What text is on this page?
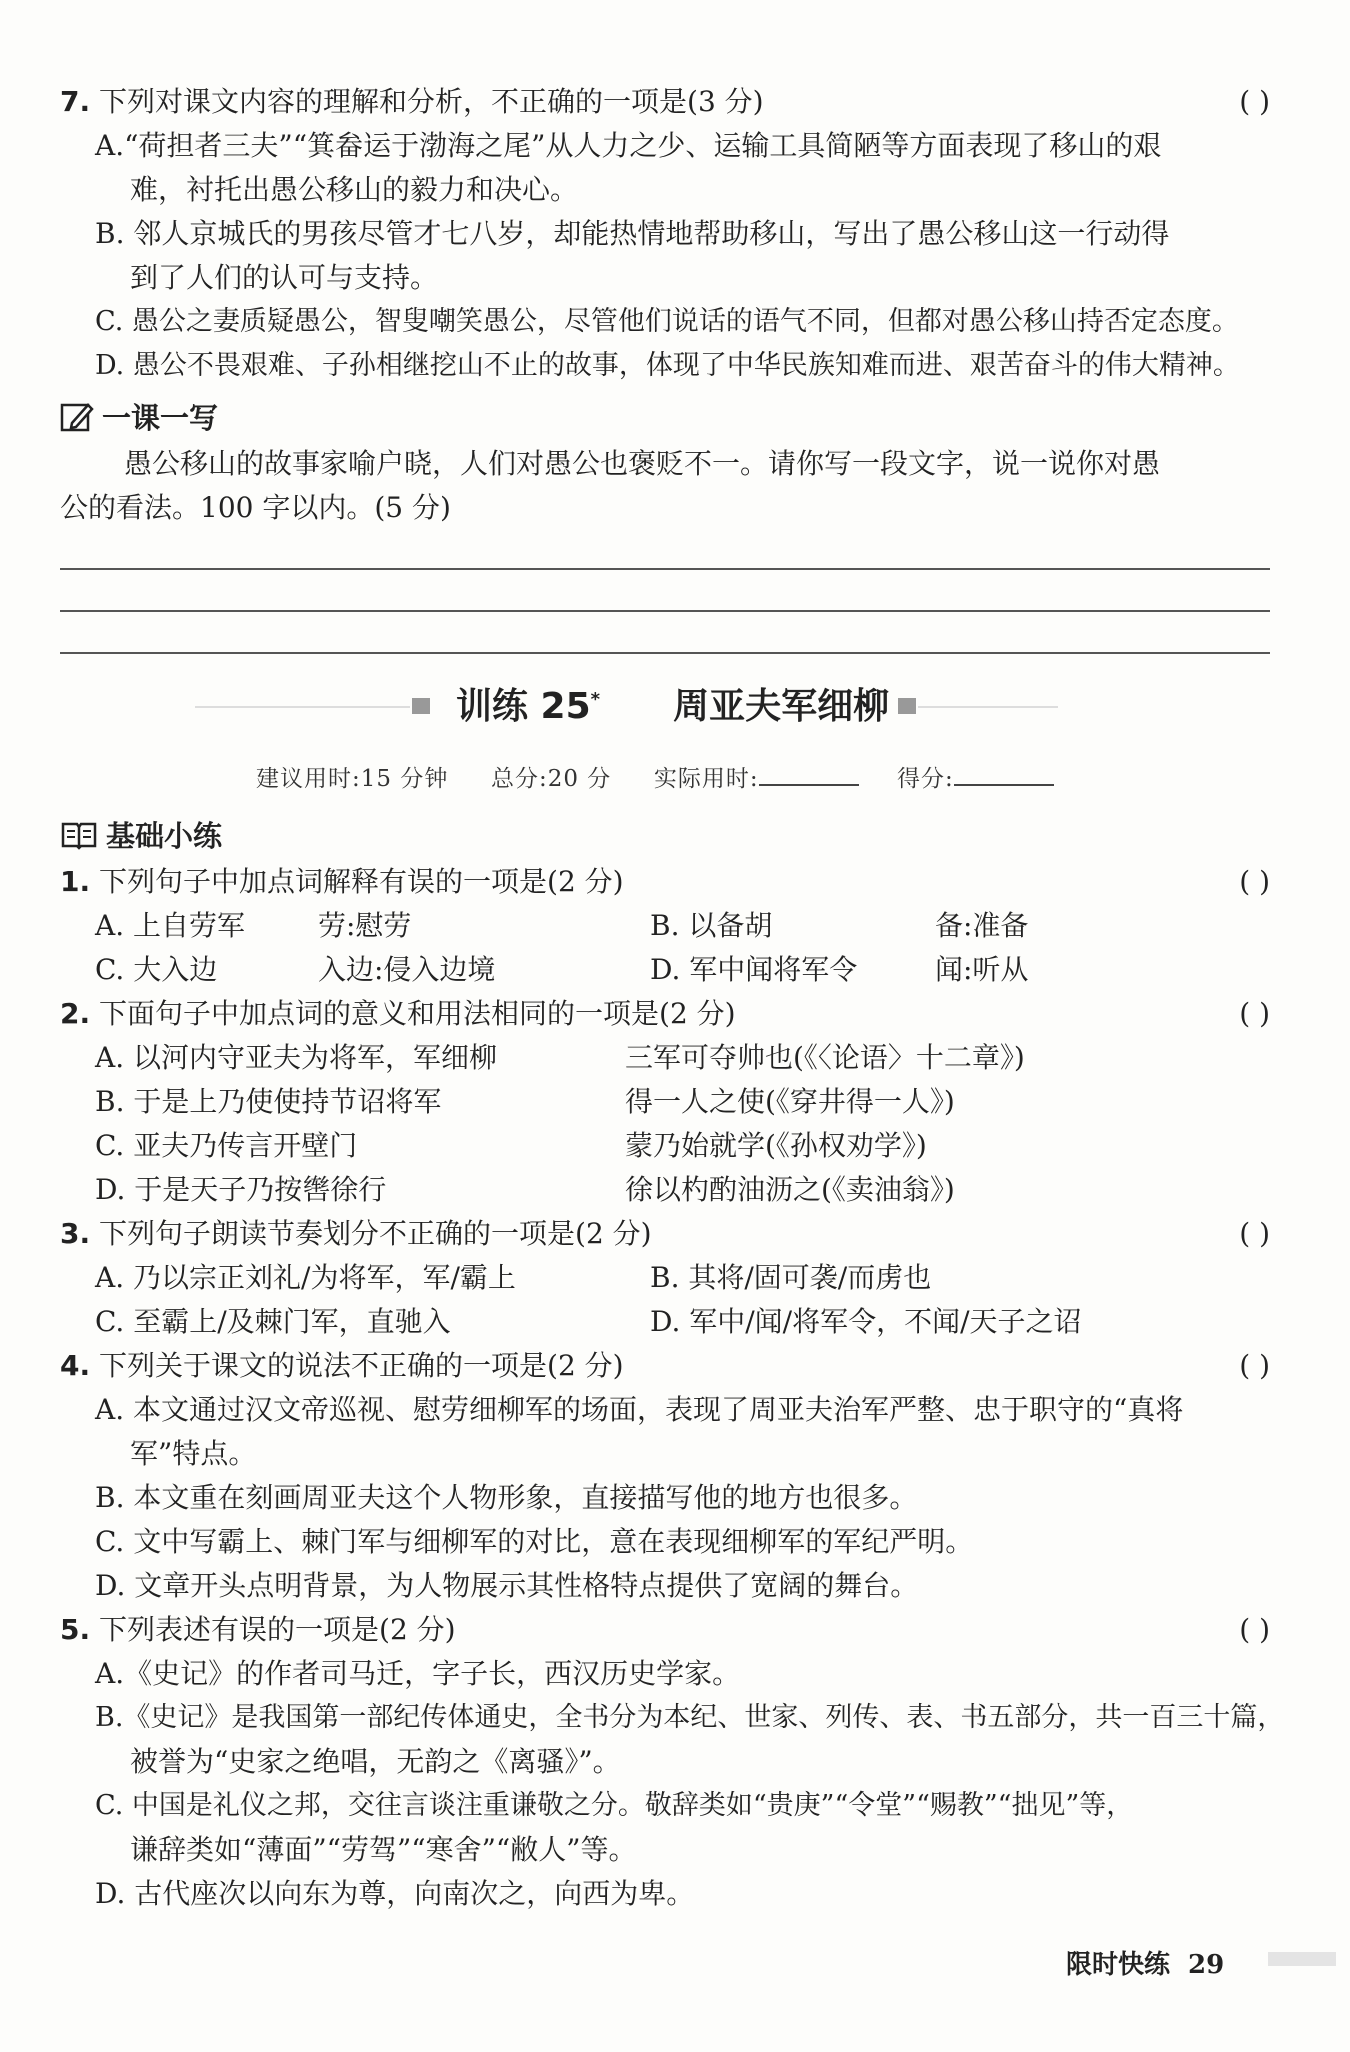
7. 下列对课文内容的理解和分析，不正确的一项是(3 分)	( )
A.“荷担者三夫”“箕畚运于渤海之尾”从人力之少、运输工具简陋等方面表现了移山的艰
难，衬托出愚公移山的毅力和决心。
B. 邻人京城氏的男孩尽管才七八岁，却能热情地帮助移山，写出了愚公移山这一行动得
到了人们的认可与支持。
C. 愚公之妻质疑愚公，智叟嘲笑愚公，尽管他们说话的语气不同，但都对愚公移山持否定态度。
D. 愚公不畏艰难、子孙相继挖山不止的故事，体现了中华民族知难而进、艰苦奋斗的伟大精神。
一课一写
愚公移山的故事家喻户晓，人们对愚公也褒贬不一。请你写一段文字，说一说你对愚
公的看法。100 字以内。(5 分)
训练 25* 周亚夫军细柳
建议用时:15 分钟 总分:20 分 实际用时:	得分:
基础小练
1. 下列句子中加点词解释有误的一项是(2 分)	( )
A. 上自劳军	劳:慰劳	B. 以备胡	备:准备
C. 大入边	入边:侵入边境	D. 军中闻将军令	闻:听从
2. 下面句子中加点词的意义和用法相同的一项是(2 分)	( )
A. 以河内守亚夫为将军，军细柳	三军可夺帅也(《〈论语〉十二章》)
B. 于是上乃使使持节诏将军	得一人之使(《穿井得一人》)
C. 亚夫乃传言开壁门	蒙乃始就学(《孙权劝学》)
D. 于是天子乃按辔徐行	徐以杓酌油沥之(《卖油翁》)
3. 下列句子朗读节奏划分不正确的一项是(2 分)	( )
A. 乃以宗正刘礼/为将军，军/霸上	B. 其将/固可袭/而虏也
C. 至霸上/及棘门军，直驰入	D. 军中/闻/将军令，不闻/天子之诏
4. 下列关于课文的说法不正确的一项是(2 分)	( )
A. 本文通过汉文帝巡视、慰劳细柳军的场面，表现了周亚夫治军严整、忠于职守的“真将
军”特点。
B. 本文重在刻画周亚夫这个人物形象，直接描写他的地方也很多。
C. 文中写霸上、棘门军与细柳军的对比，意在表现细柳军的军纪严明。
D. 文章开头点明背景，为人物展示其性格特点提供了宽阔的舞台。
5. 下列表述有误的一项是(2 分)	( )
A.《史记》的作者司马迁，字子长，西汉历史学家。
B.《史记》是我国第一部纪传体通史，全书分为本纪、世家、列传、表、书五部分，共一百三十篇，
被誉为“史家之绝唱，无韵之《离骚》”。
C. 中国是礼仪之邦，交往言谈注重谦敬之分。敬辞类如“贵庚”“令堂”“赐教”“拙见”等，
谦辞类如“薄面”“劳驾”“寒舍”“敝人”等。
D. 古代座次以向东为尊，向南次之，向西为卑。
限时快练 29
